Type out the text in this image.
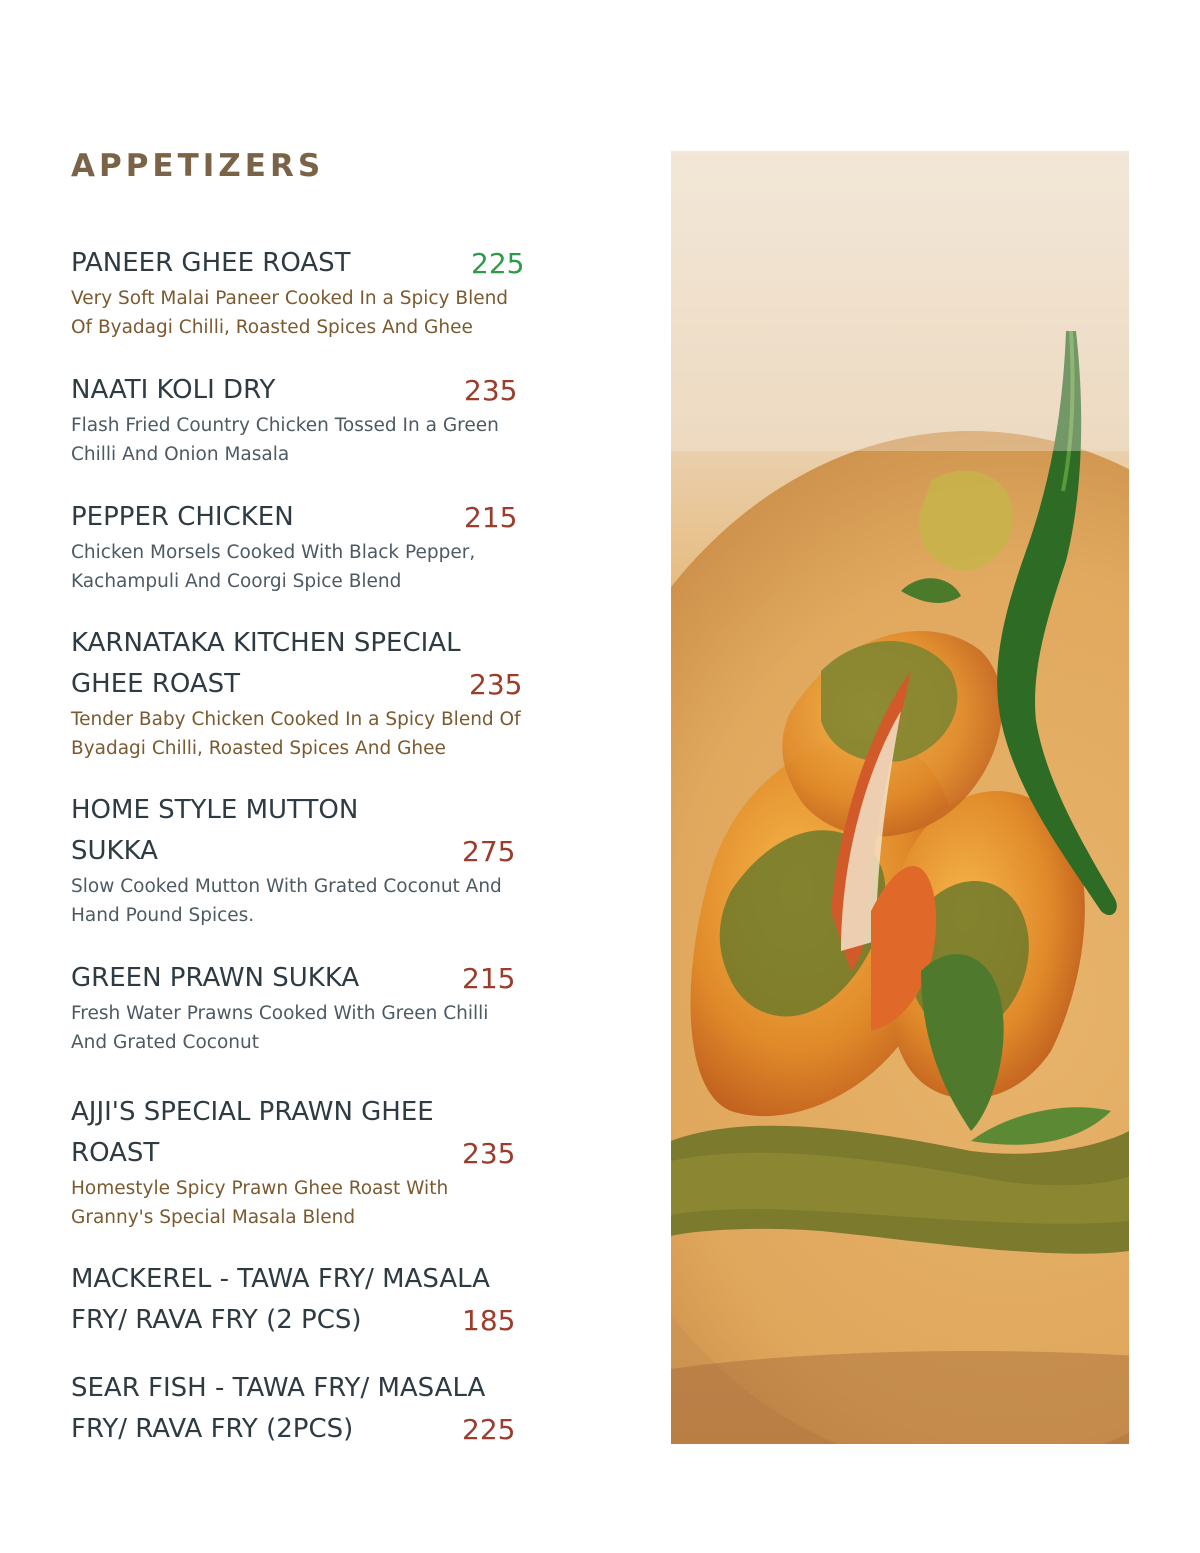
APPETIZERS
PANEER GHEE ROAST	225
Very Soft Malai Paneer Cooked In a Spicy Blend
Of Byadagi Chilli, Roasted Spices And Ghee
NAATI KOLI DRY	235
Flash Fried Country Chicken Tossed In a Green
Chilli And Onion Masala
PEPPER CHICKEN	215
Chicken Morsels Cooked With Black Pepper,
Kachampuli And Coorgi Spice Blend
KARNATAKA KITCHEN SPECIAL
GHEE ROAST	235
Tender Baby Chicken Cooked In a Spicy Blend Of
Byadagi Chilli, Roasted Spices And Ghee
HOME STYLE MUTTON
SUKKA	275
Slow Cooked Mutton With Grated Coconut And
Hand Pound Spices.
GREEN PRAWN SUKKA	215
Fresh Water Prawns Cooked With Green Chilli
And Grated Coconut
AJJI'S SPECIAL PRAWN GHEE
ROAST	235
Homestyle Spicy Prawn Ghee Roast With
Granny's Special Masala Blend
MACKEREL - TAWA FRY/ MASALA
FRY/ RAVA FRY (2 PCS)	185
SEAR FISH - TAWA FRY/ MASALA
FRY/ RAVA FRY (2PCS)	225
